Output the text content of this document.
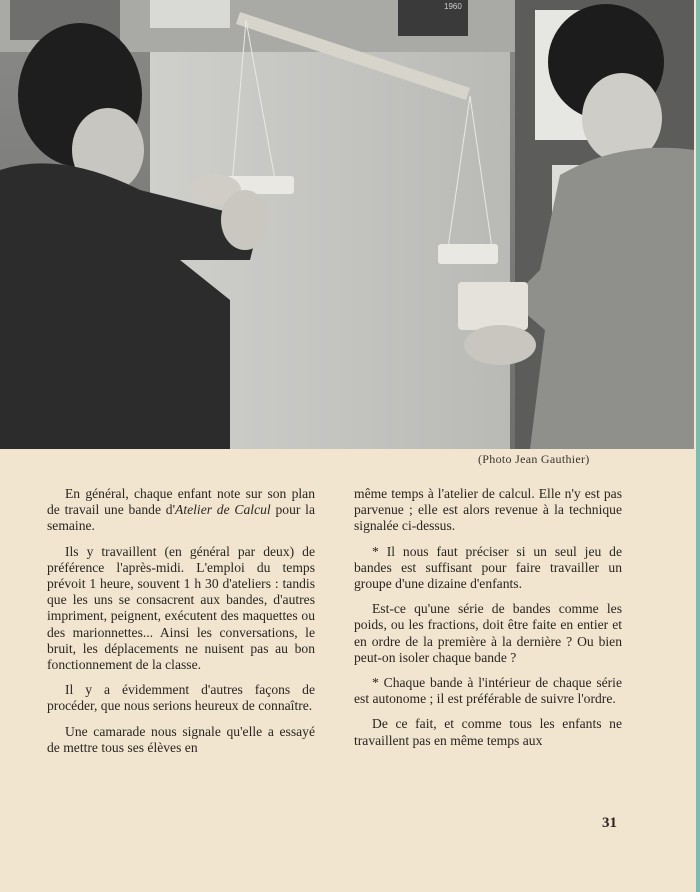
1960
(Photo Jean Gauthier)

En général, chaque enfant note sur son plan de travail une bande d'Atelier de Calcul pour la semaine.

Ils y travaillent (en général par deux) de préférence l'après-midi. L'emploi du temps prévoit 1 heure, souvent 1 h 30 d'ateliers : tandis que les uns se consacrent aux bandes, d'autres impriment, peignent, exécutent des maquettes ou des marionnettes... Ainsi les conversations, le bruit, les déplacements ne nuisent pas au bon fonctionnement de la classe.

Il y a évidemment d'autres façons de procéder, que nous serions heureux de connaître.

Une camarade nous signale qu'elle a essayé de mettre tous ses élèves en

même temps à l'atelier de calcul. Elle n'y est pas parvenue ; elle est alors revenue à la technique signalée ci-dessus.

* Il nous faut préciser si un seul jeu de bandes est suffisant pour faire travailler un groupe d'une dizaine d'enfants.

Est-ce qu'une série de bandes comme les poids, ou les fractions, doit être faite en entier et en ordre de la première à la dernière ? Ou bien peut-on isoler chaque bande ?

* Chaque bande à l'intérieur de chaque série est autonome ; il est préférable de suivre l'ordre.

De ce fait, et comme tous les enfants ne travaillent pas en même temps aux

31
